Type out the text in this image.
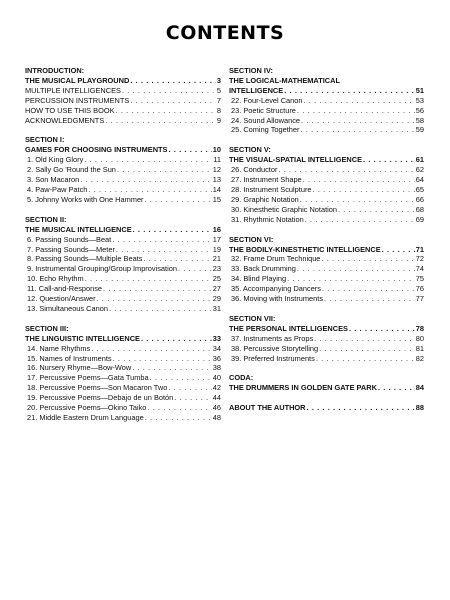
CONTENTS
INTRODUCTION:
THE MUSICAL PLAYGROUND . . .	3
MULTIPLE INTELLIGENCES . . .	5
PERCUSSION INSTRUMENTS . . .	7
HOW TO USE THIS BOOK . . .	8
ACKNOWLEDGMENTS . . .	9
SECTION I:
GAMES FOR CHOOSING INSTRUMENTS . . .	10
1. Old King Glory . . .	11
2. Sally Go 'Round the Sun . . .	12
3. Son Macaron . . .	13
4. Paw-Paw Patch . . .	14
5. Johnny Works with One Hammer . . .	15
SECTION II:
THE MUSICAL INTELLIGENCE . . .	16
6. Passing Sounds—Beat . . .	17
7. Passing Sounds—Meter . . .	19
8. Passing Sounds—Multiple Beats . . .	21
9. Instrumental Grouping/Group Improvisation . . .	23
10. Echo Rhythm . . .	25
11. Call-and-Response . . .	27
12. Question/Answer . . .	29
13. Simultaneous Canon . . .	31
SECTION III:
THE LINGUISTIC INTELLIGENCE . . .	33
14. Name Rhythms . . .	34
15. Names of Instruments . . .	36
16. Nursery Rhyme—Bow-Wow . . .	38
17. Percussive Poems—Gata Tumba . . .	40
18. Percussive Poems—Son Macaron Two . . .	42
19. Percussive Poems—Debajo de un Botón . . .	44
20. Percussive Poems—Okino Taiko . . .	46
21. Middle Eastern Drum Language . . .	48
SECTION IV:
THE LOGICAL-MATHEMATICAL
INTELLIGENCE . . .	51
22. Four-Level Canon . . .	53
23. Poetic Structure . . .	56
24. Sound Allowance . . .	58
25. Coming Together . . .	59
SECTION V:
THE VISUAL-SPATIAL INTELLIGENCE . . .	61
26. Conductor . . .	62
27. Instrument Shape . . .	64
28. Instrument Sculpture . . .	65
29. Graphic Notation . . .	66
30. Kinesthetic Graphic Notation . . .	68
31. Rhythmic Notation . . .	69
SECTION VI:
THE BODILY-KINESTHETIC INTELLIGENCE . . .	71
32. Frame Drum Technique . . .	72
33. Back Drumming . . .	74
34. Blind Playing . . .	75
35. Accompanying Dancers . . .	76
36. Moving with Instruments . . .	77
SECTION VII:
THE PERSONAL INTELLIGENCES . . .	78
37. Instruments as Props . . .	80
38. Percussive Storytelling . . .	81
39. Preferred Instruments . . .	82
CODA:
THE DRUMMERS IN GOLDEN GATE PARK . . .	84
ABOUT THE AUTHOR . . .	88
